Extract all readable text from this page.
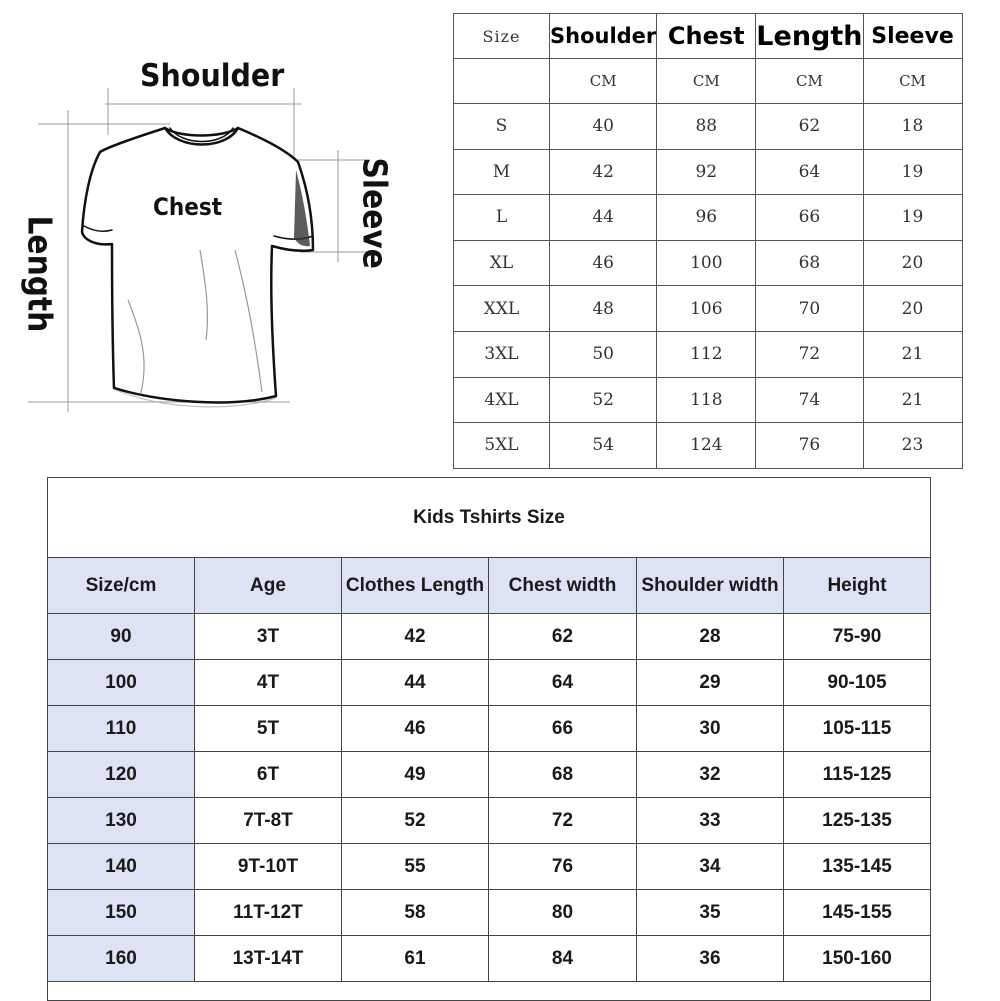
Shoulder
Chest	Sleeve
Length
Size	Shoulder	Chest	Length	Sleeve
	CM	CM	CM	CM
S	40	88	62	18
M	42	92	64	19
L	44	96	66	19
XL	46	100	68	20
XXL	48	106	70	20
3XL	50	112	72	21
4XL	52	118	74	21
5XL	54	124	76	23
Kids Tshirts Size					
Size/cm	Age	Clothes Length	Chest width	Shoulder width	Height
90	3T	42	62	28	75-90
100	4T	44	64	29	90-105
110	5T	46	66	30	105-115
120	6T	49	68	32	115-125
130	7T-8T	52	72	33	125-135
140	9T-10T	55	76	34	135-145
150	11T-12T	58	80	35	145-155
160	13T-14T	61	84	36	150-160
